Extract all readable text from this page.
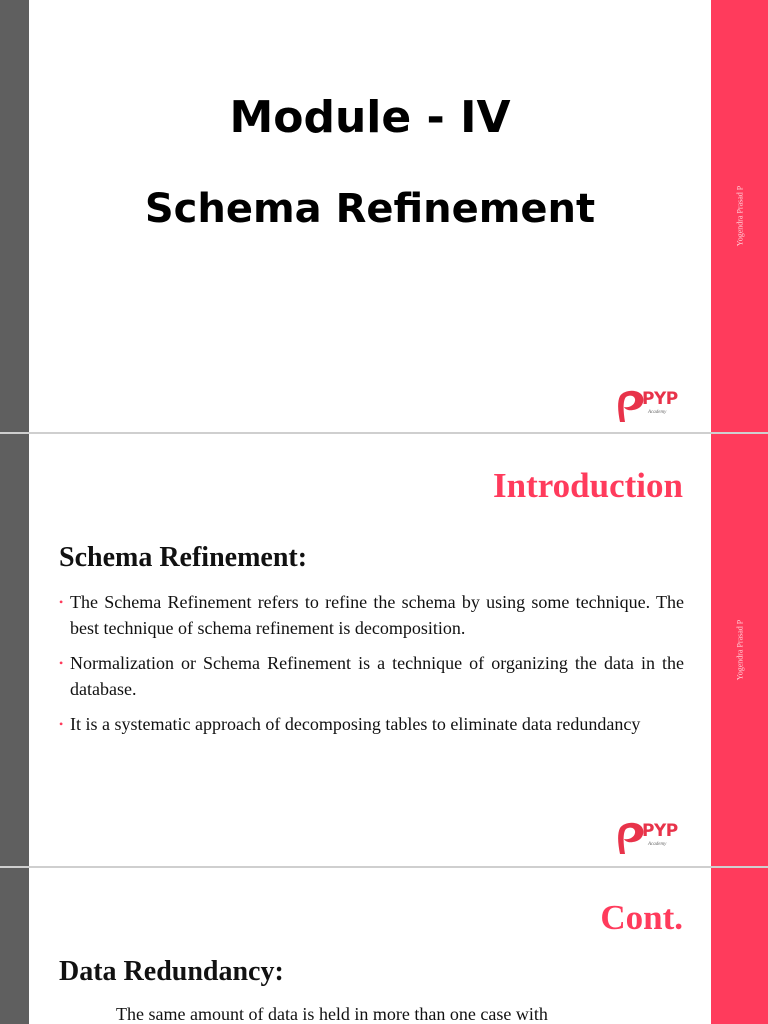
Yogendra Prasad P
Module - IV
Schema Refinement
PYP
Academy
Yogendra Prasad P
Introduction
Schema Refinement:
• The Schema Refinement refers to refine the schema by using some technique. The best technique of schema refinement is decomposition.
• Normalization or Schema Refinement is a technique of organizing the data in the database.
• It is a systematic approach of decomposing tables to eliminate data redundancy
PYP
Academy
Cont.
Data Redundancy:

The same amount of data is held in more than one case with
